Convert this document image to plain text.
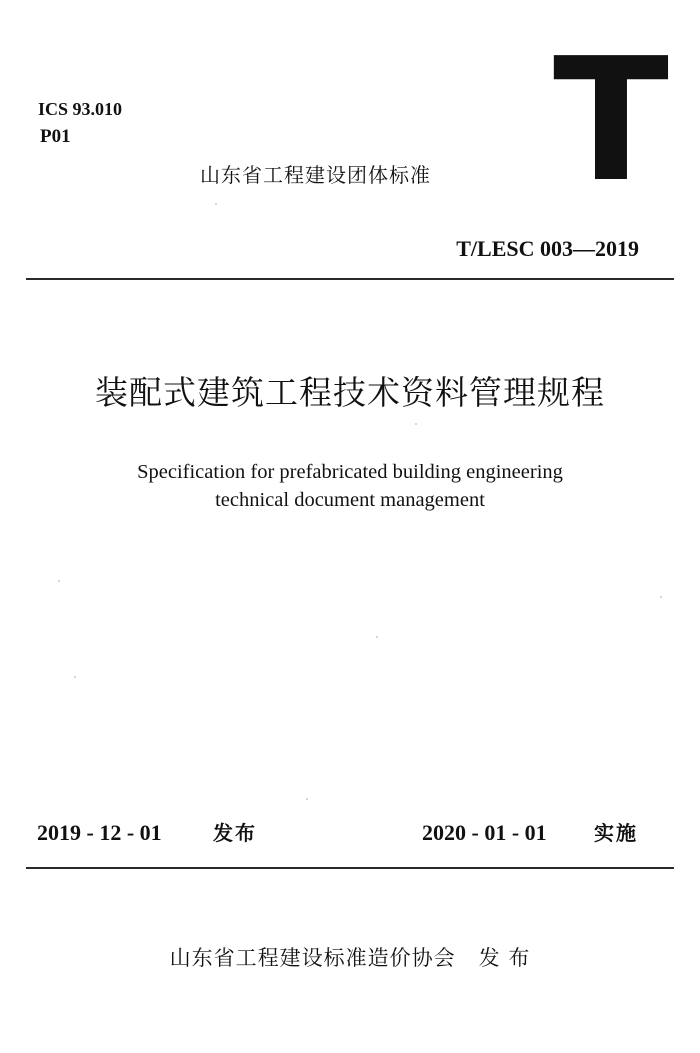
ICS 93.010
P01	T
山东省工程建设团体标准
T/LESC 003—2019
装配式建筑工程技术资料管理规程
Specification for prefabricated building engineering
technical document management
2019 - 12 - 01	发布	2020 - 01 - 01 实施
山东省工程建设标准造价协会   发 布
